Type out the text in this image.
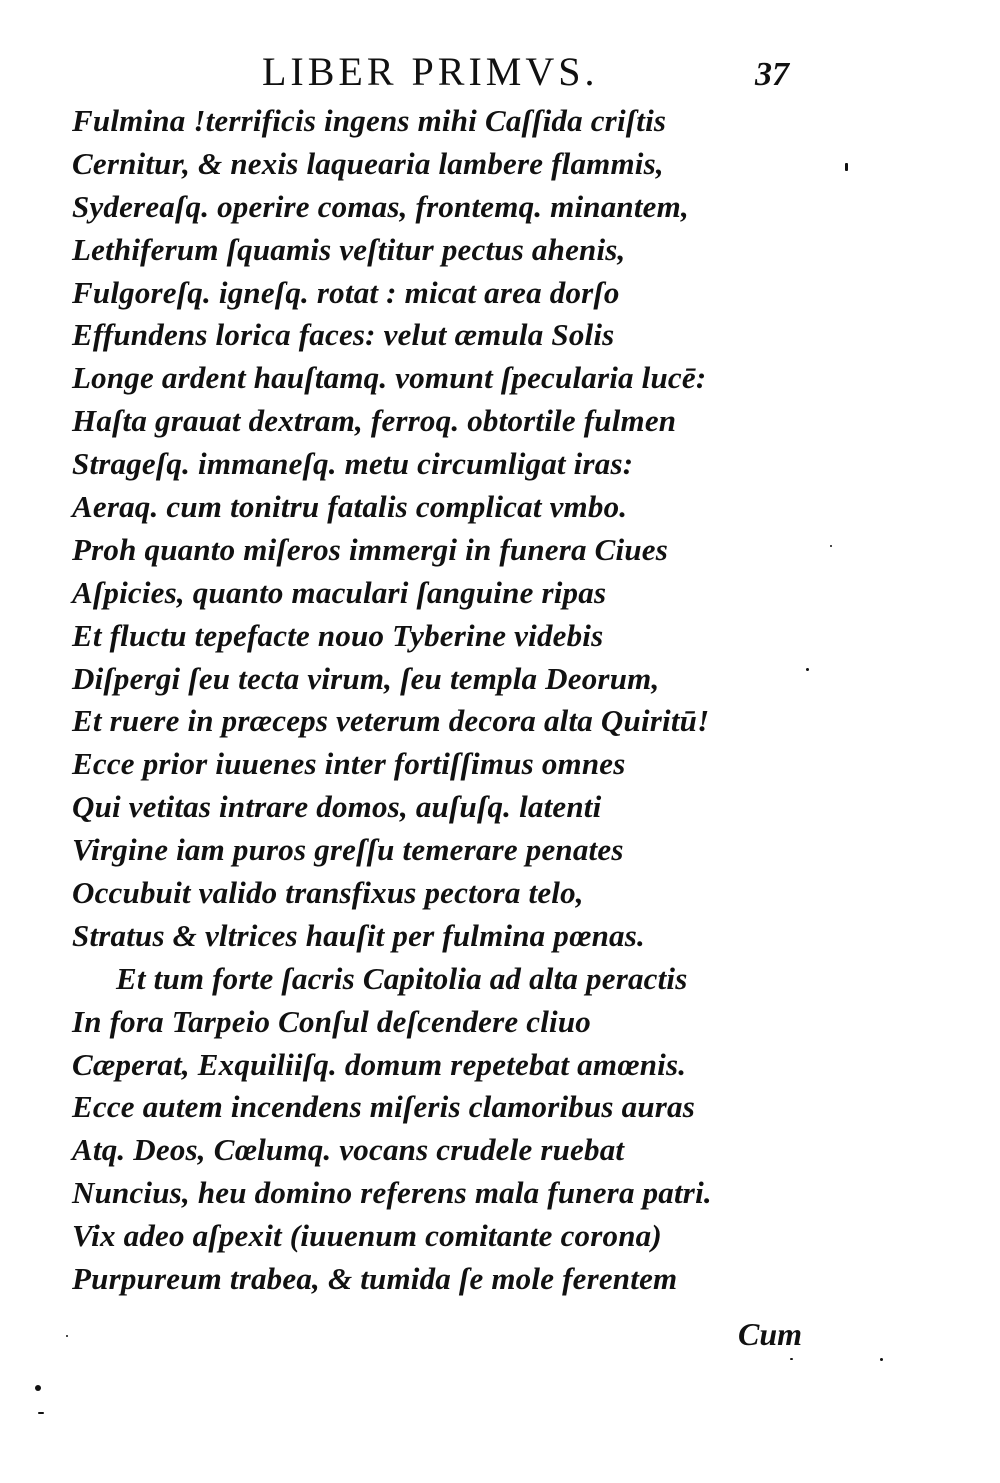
LIBER PRIMVS.	37
Fulmina !terrificis ingens mihi Caſſida criſtis
Cernitur, & nexis laquearia lambere flammis,
Sydereaſq. operire comas, frontemq. minantem,
Lethiferum ſquamis veſtitur pectus ahenis,
Fulgoreſq. igneſq. rotat : micat area dorſo
Effundens lorica faces: velut æmula Solis
Longe ardent hauſtamq. vomunt ſpecularia lucē:
Haſta grauat dextram, ferroq. obtortile fulmen
Strageſq. immaneſq. metu circumligat iras:
Aeraq. cum tonitru fatalis complicat vmbo.
Proh quanto miſeros immergi in funera Ciues
Aſpicies, quanto maculari ſanguine ripas
Et fluctu tepefacte nouo Tyberine videbis
Diſpergi ſeu tecta virum, ſeu templa Deorum,
Et ruere in præceps veterum decora alta Quiritū!
Ecce prior iuuenes inter fortiſſimus omnes
Qui vetitas intrare domos, auſuſq. latenti
Virgine iam puros greſſu temerare penates
Occubuit valido transfixus pectora telo,
Stratus & vltrices hauſit per fulmina pœnas.
Et tum forte ſacris Capitolia ad alta peractis
In fora Tarpeio Conſul deſcendere cliuo
Cæperat, Exquiliiſq. domum repetebat amœnis.
Ecce autem incendens miſeris clamoribus auras
Atq. Deos, Cœlumq. vocans crudele ruebat
Nuncius, heu domino referens mala funera patri.
Vix adeo aſpexit (iuuenum comitante corona)
Purpureum trabea, & tumida ſe mole ferentem
Cum
